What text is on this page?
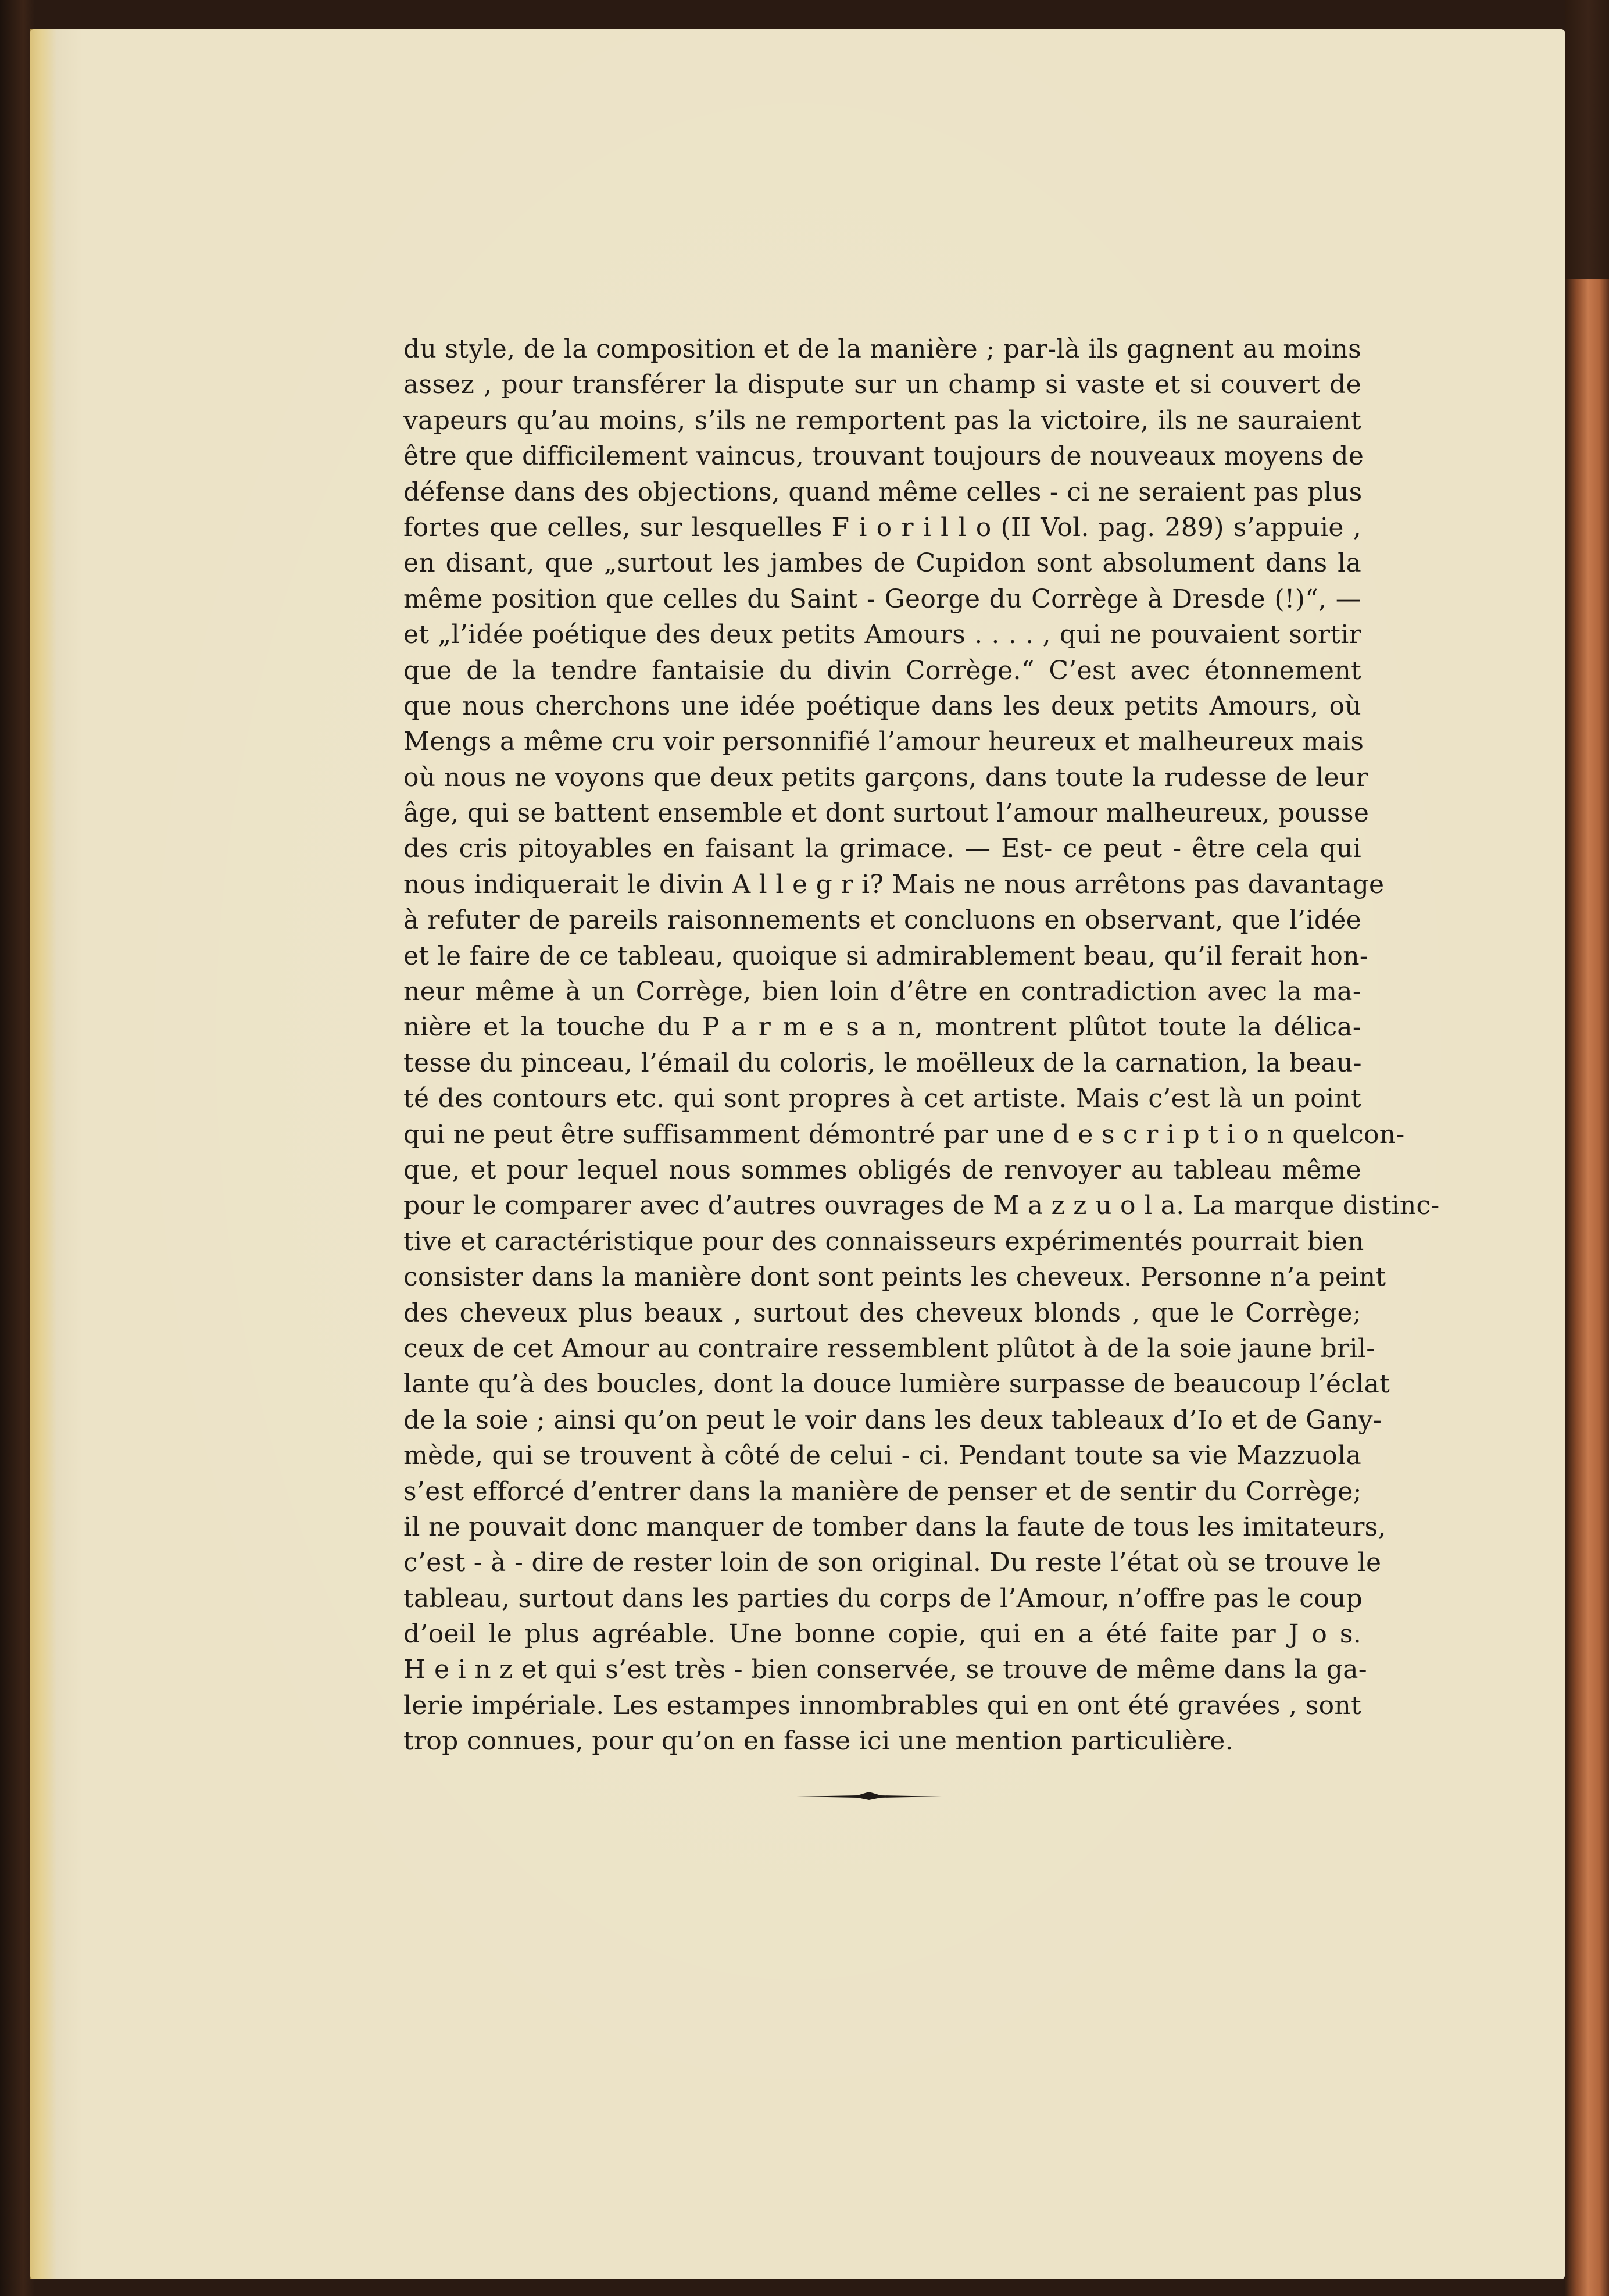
du style, de la composition et de la manière ; par-là ils gagnent au moins
assez , pour transférer la dispute sur un champ si vaste et si couvert de
vapeurs qu’au moins, s’ils ne remportent pas la victoire, ils ne sauraient
être que difficilement vaincus, trouvant toujours de nouveaux moyens de
défense dans des objections, quand même celles - ci ne seraient pas plus
fortes que celles, sur lesquelles F i o r i l l o (II Vol. pag. 289) s’appuie ,
en disant, que „surtout les jambes de Cupidon sont absolument dans la
même position que celles du Saint - George du Corrège à Dresde (!)“, —
et „l’idée poétique des deux petits Amours . . . . , qui ne pouvaient sortir
que de la tendre fantaisie du divin Corrège.“ C’est avec étonnement
que nous cherchons une idée poétique dans les deux petits Amours, où
Mengs a même cru voir personnifié l’amour heureux et malheureux mais
où nous ne voyons que deux petits garçons, dans toute la rudesse de leur
âge, qui se battent ensemble et dont surtout l’amour malheureux, pousse
des cris pitoyables en faisant la grimace. — Est- ce peut - être cela qui
nous indiquerait le divin A l l e g r i? Mais ne nous arrêtons pas davantage
à refuter de pareils raisonnements et concluons en observant, que l’idée
et le faire de ce tableau, quoique si admirablement beau, qu’il ferait hon-
neur même à un Corrège, bien loin d’être en contradiction avec la ma-
nière et la touche du P a r m e s a n, montrent plûtot toute la délica-
tesse du pinceau, l’émail du coloris, le moëlleux de la carnation, la beau-
té des contours etc. qui sont propres à cet artiste. Mais c’est là un point
qui ne peut être suffisamment démontré par une d e s c r i p t i o n quelcon-
que, et pour lequel nous sommes obligés de renvoyer au tableau même
pour le comparer avec d’autres ouvrages de M a z z u o l a. La marque distinc-
tive et caractéristique pour des connaisseurs expérimentés pourrait bien
consister dans la manière dont sont peints les cheveux. Personne n’a peint
des cheveux plus beaux , surtout des cheveux blonds , que le Corrège;
ceux de cet Amour au contraire ressemblent plûtot à de la soie jaune bril-
lante qu’à des boucles, dont la douce lumière surpasse de beaucoup l’éclat
de la soie ; ainsi qu’on peut le voir dans les deux tableaux d’Io et de Gany-
mède, qui se trouvent à côté de celui - ci. Pendant toute sa vie Mazzuola
s’est efforcé d’entrer dans la manière de penser et de sentir du Corrège;
il ne pouvait donc manquer de tomber dans la faute de tous les imitateurs,
c’est - à - dire de rester loin de son original. Du reste l’état où se trouve le
tableau, surtout dans les parties du corps de l’Amour, n’offre pas le coup
d’oeil le plus agréable. Une bonne copie, qui en a été faite par J o s.
H e i n z et qui s’est très - bien conservée, se trouve de même dans la ga-
lerie impériale. Les estampes innombrables qui en ont été gravées , sont
trop connues, pour qu’on en fasse ici une mention particulière.
